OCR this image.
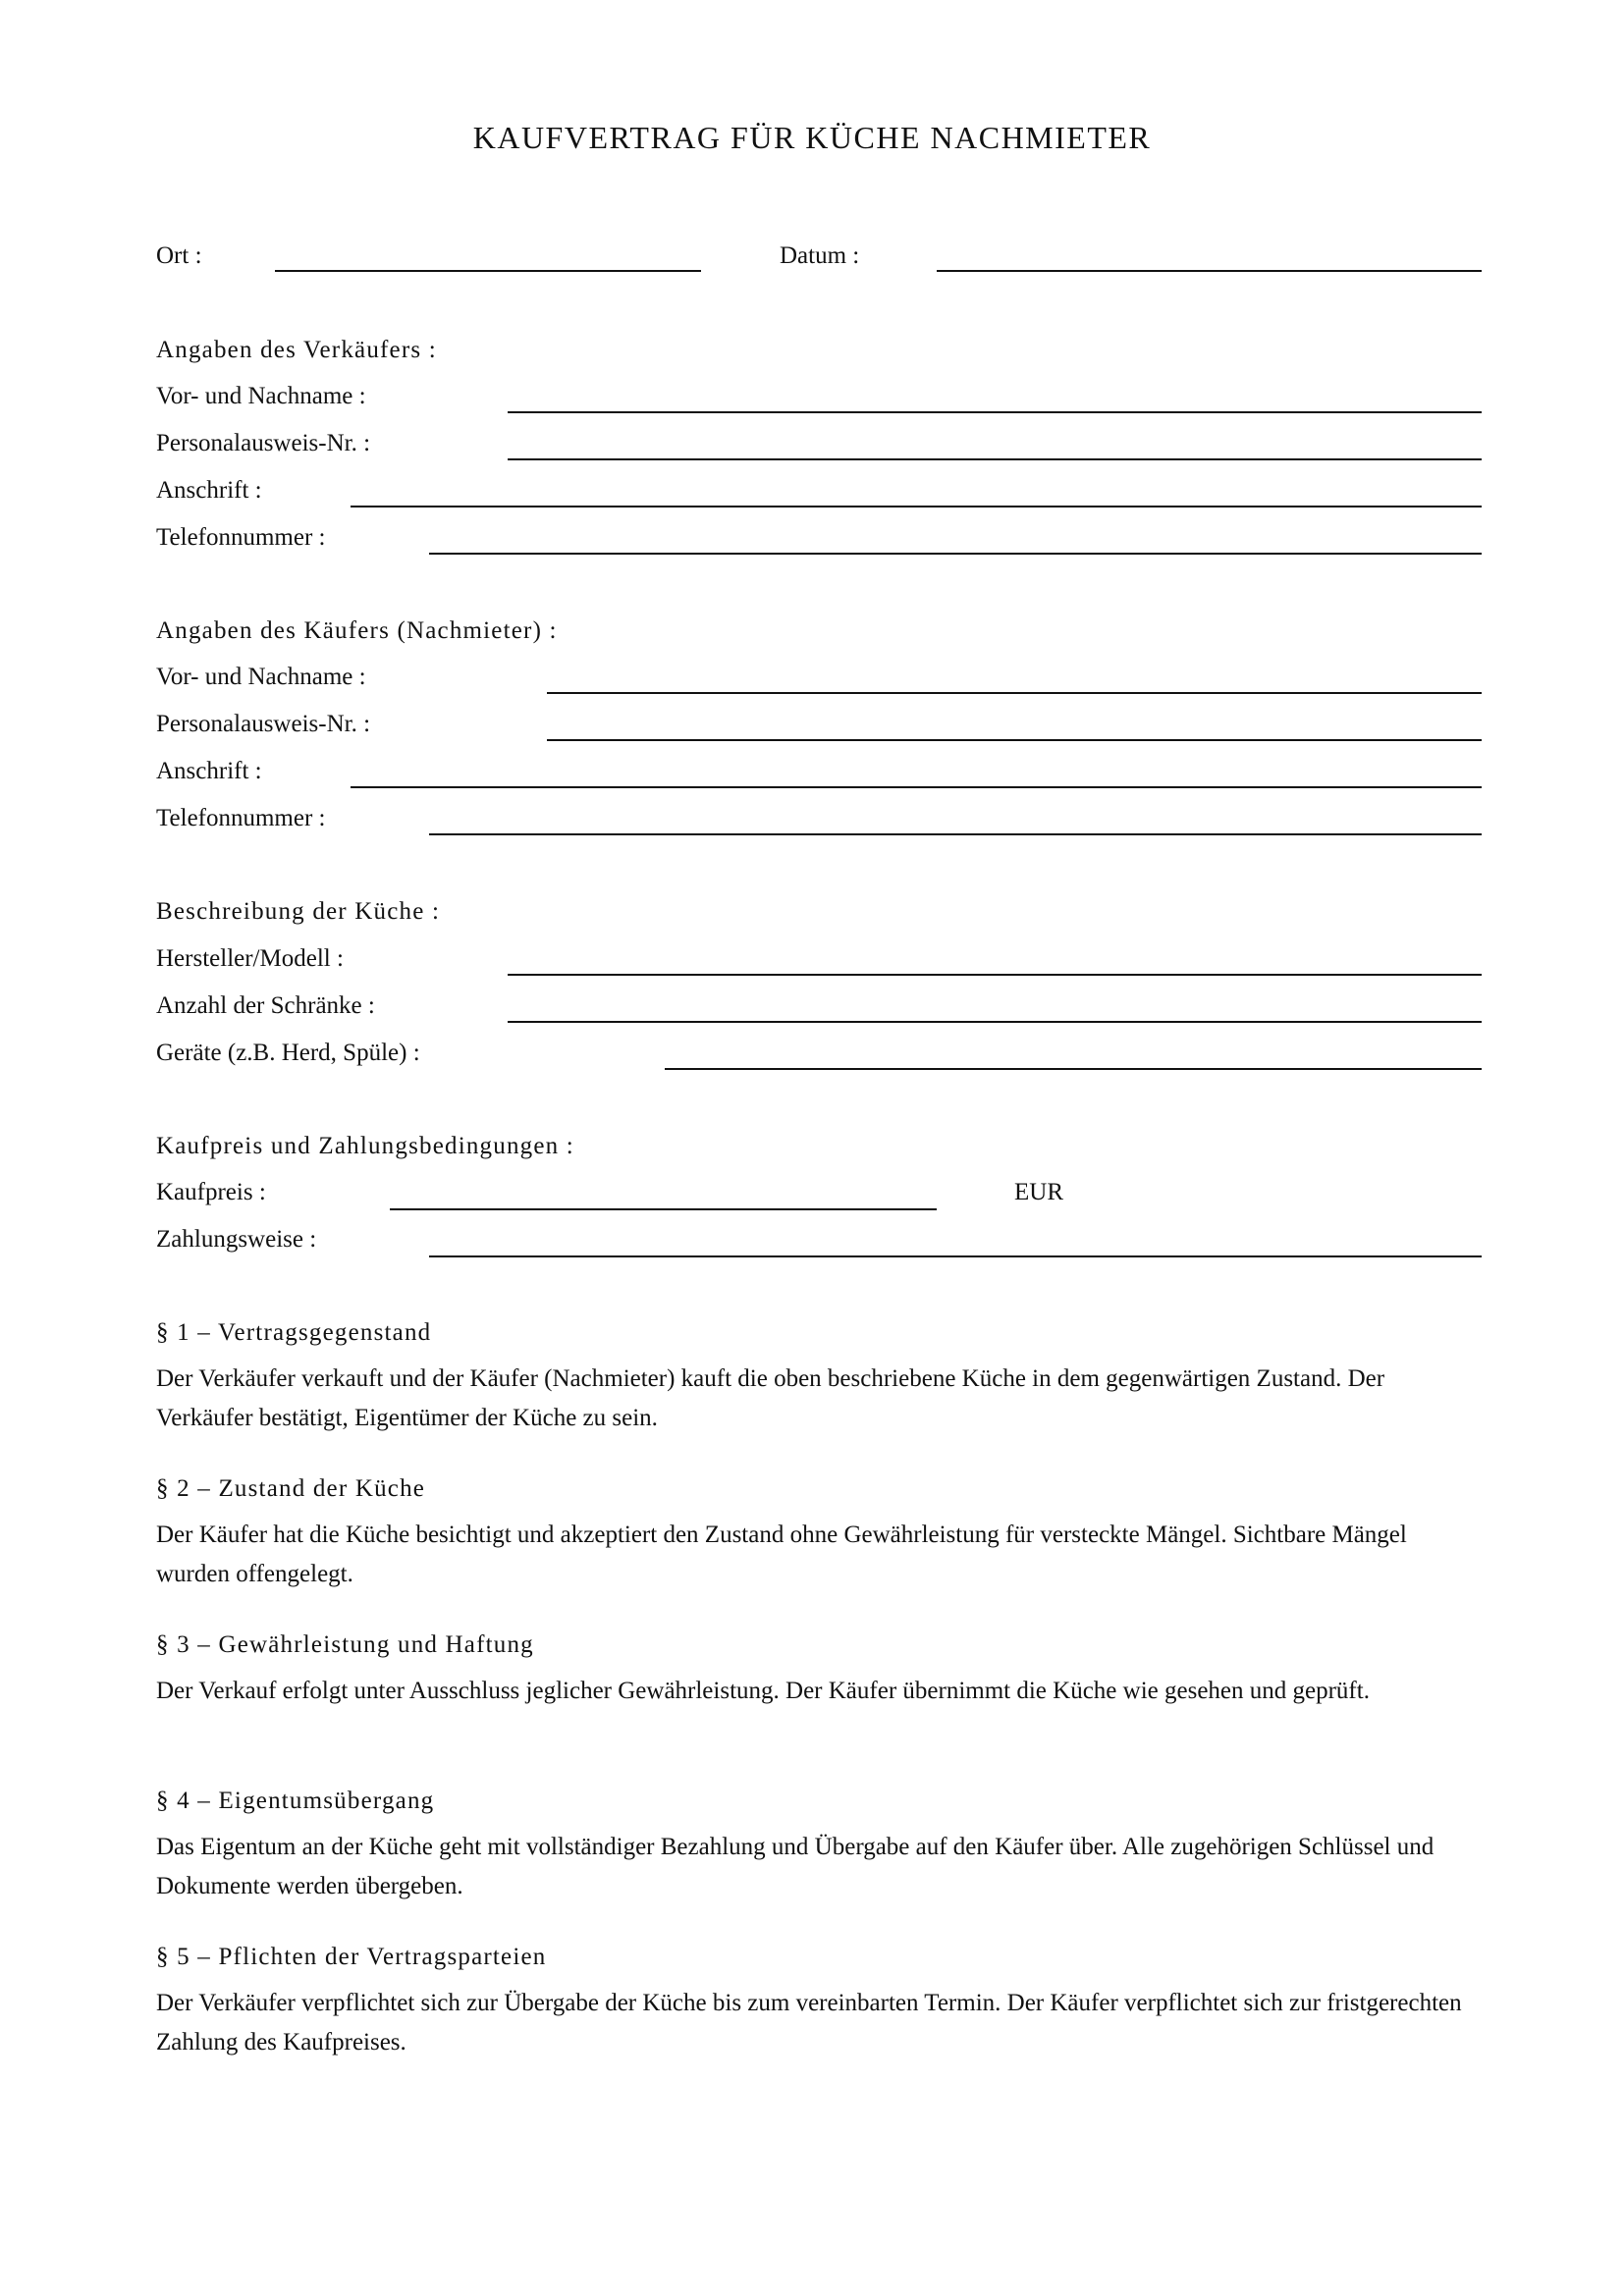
KAUFVERTRAG FÜR KÜCHE NACHMIETER
Ort :	Datum :
Angaben des Verkäufers :
Vor- und Nachname :
Personalausweis-Nr. :
Anschrift :
Telefonnummer :
Angaben des Käufers (Nachmieter) :
Vor- und Nachname :
Personalausweis-Nr. :
Anschrift :
Telefonnummer :
Beschreibung der Küche :
Hersteller/Modell :
Anzahl der Schränke :
Geräte (z.B. Herd, Spüle) :
Kaufpreis und Zahlungsbedingungen :
Kaufpreis :	EUR
Zahlungsweise :
§ 1 – Vertragsgegenstand

Der Verkäufer verkauft und der Käufer (Nachmieter) kauft die oben beschriebene Küche in dem gegenwärtigen Zustand. Der Verkäufer bestätigt, Eigentümer der Küche zu sein.

§ 2 – Zustand der Küche

Der Käufer hat die Küche besichtigt und akzeptiert den Zustand ohne Gewährleistung für versteckte Mängel. Sichtbare Mängel wurden offengelegt.

§ 3 – Gewährleistung und Haftung

Der Verkauf erfolgt unter Ausschluss jeglicher Gewährleistung. Der Käufer übernimmt die Küche wie gesehen und geprüft.

§ 4 – Eigentumsübergang

Das Eigentum an der Küche geht mit vollständiger Bezahlung und Übergabe auf den Käufer über. Alle zugehörigen Schlüssel und Dokumente werden übergeben.

§ 5 – Pflichten der Vertragsparteien

Der Verkäufer verpflichtet sich zur Übergabe der Küche bis zum vereinbarten Termin. Der Käufer verpflichtet sich zur fristgerechten Zahlung des Kaufpreises.
